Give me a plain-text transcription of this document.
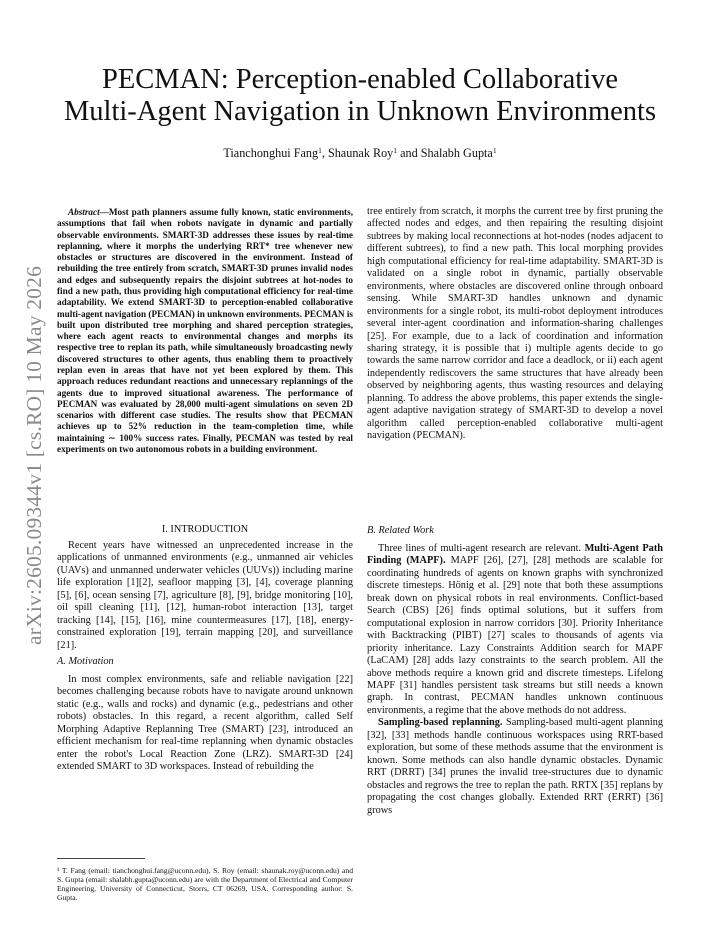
arXiv:2605.09344v1 [cs.RO] 10 May 2026
PECMAN: Perception-enabled Collaborative
Multi-Agent Navigation in Unknown Environments
Tianchonghui Fang$^1$, Shaunak Roy$^1$ and Shalabh Gupta$^1$
Abstract—Most path planners assume fully known, static environments, assumptions that fail when robots navigate in dynamic and partially observable environments. SMART-3D addresses these issues by real-time replanning, where it morphs the underlying RRT* tree whenever new obstacles or structures are discovered in the environment. Instead of rebuilding the tree entirely from scratch, SMART-3D prunes invalid nodes and edges and subsequently repairs the disjoint subtrees at hot-nodes to find a new path, thus providing high computational efficiency for real-time adaptability. We extend SMART-3D to perception-enabled collaborative multi-agent navigation (PECMAN) in unknown environments. PECMAN is built upon distributed tree morphing and shared perception strategies, where each agent reacts to environmental changes and morphs its respective tree to replan its path, while simultaneously broadcasting newly discovered structures to other agents, thus enabling them to proactively replan even in areas that have not yet been explored by them. This approach reduces redundant reactions and unnecessary replannings of the agents due to improved situational awareness. The performance of PECMAN was evaluated by 28,000 multi-agent simulations on seven 2D scenarios with different case studies. The results show that PECMAN achieves up to 52% reduction in the team-completion time, while maintaining ∼ 100% success rates. Finally, PECMAN was tested by real experiments on two autonomous robots in a building environment.
I. INTRODUCTION

Recent years have witnessed an unprecedented increase in the applications of unmanned environments (e.g., unmanned air vehicles (UAVs) and unmanned underwater vehicles (UUVs)) including marine life exploration [1][2], seafloor mapping [3], [4], coverage planning [5], [6], ocean sensing [7], agriculture [8], [9], bridge monitoring [10], oil spill cleaning [11], [12], human-robot interaction [13], target tracking [14], [15], [16], mine countermeasures [17], [18], energy-constrained exploration [19], terrain mapping [20], and surveillance [21].

A. Motivation

In most complex environments, safe and reliable navigation [22] becomes challenging because robots have to navigate around unknown static (e.g., walls and rocks) and dynamic (e.g., pedestrians and other robots) obstacles. In this regard, a recent algorithm, called Self Morphing Adaptive Replanning Tree (SMART) [23], introduced an efficient mechanism for real-time replanning when dynamic obstacles enter the robot's Local Reaction Zone (LRZ). SMART-3D [24] extended SMART to 3D workspaces. Instead of rebuilding the

¹ T. Fang (email: tianchonghui.fang@uconn.edu), S. Roy (email: shaunak.roy@uconn.edu) and S. Gupta (email: shalabh.gupta@uconn.edu) are with the Department of Electrical and Computer Engineering, University of Connecticut, Storrs, CT 06269, USA. Corresponding author: S. Gupta.

tree entirely from scratch, it morphs the current tree by first pruning the affected nodes and edges, and then repairing the resulting disjoint subtrees by making local reconnections at hot-nodes (nodes adjacent to different subtrees), to find a new path. This local morphing provides high computational efficiency for real-time adaptability. SMART-3D is validated on a single robot in dynamic, partially observable environments, where obstacles are discovered online through onboard sensing. While SMART-3D handles unknown and dynamic environments for a single robot, its multi-robot deployment introduces several inter-agent coordination and information-sharing challenges [25]. For example, due to a lack of coordination and information sharing strategy, it is possible that i) multiple agents decide to go towards the same narrow corridor and face a deadlock, or ii) each agent independently rediscovers the same structures that have already been observed by neighboring agents, thus wasting resources and delaying planning. To address the above problems, this paper extends the single-agent adaptive navigation strategy of SMART-3D to develop a novel algorithm called perception-enabled collaborative multi-agent navigation (PECMAN).

B. Related Work

Three lines of multi-agent research are relevant. Multi-Agent Path Finding (MAPF). MAPF [26], [27], [28] methods are scalable for coordinating hundreds of agents on known graphs with synchronized discrete timesteps. Hönig et al. [29] note that both these assumptions break down on physical robots in real environments. Conflict-based Search (CBS) [26] finds optimal solutions, but it suffers from computational explosion in narrow corridors [30]. Priority Inheritance with Backtracking (PIBT) [27] scales to thousands of agents via priority inheritance. Lazy Constraints Addition search for MAPF (LaCAM) [28] adds lazy constraints to the search problem. All the above methods require a known grid and discrete timesteps. Lifelong MAPF [31] handles persistent task streams but still needs a known graph. In contrast, PECMAN handles unknown continuous environments, a regime that the above methods do not address.

Sampling-based replanning. Sampling-based multi-agent planning [32], [33] methods handle continuous workspaces using RRT-based exploration, but some of these methods assume that the environment is known. Some methods can also handle dynamic obstacles. Dynamic RRT (DRRT) [34] prunes the invalid tree-structures due to dynamic obstacles and regrows the tree to replan the path. RRTX [35] replans by propagating the cost changes globally. Extended RRT (ERRT) [36] grows
